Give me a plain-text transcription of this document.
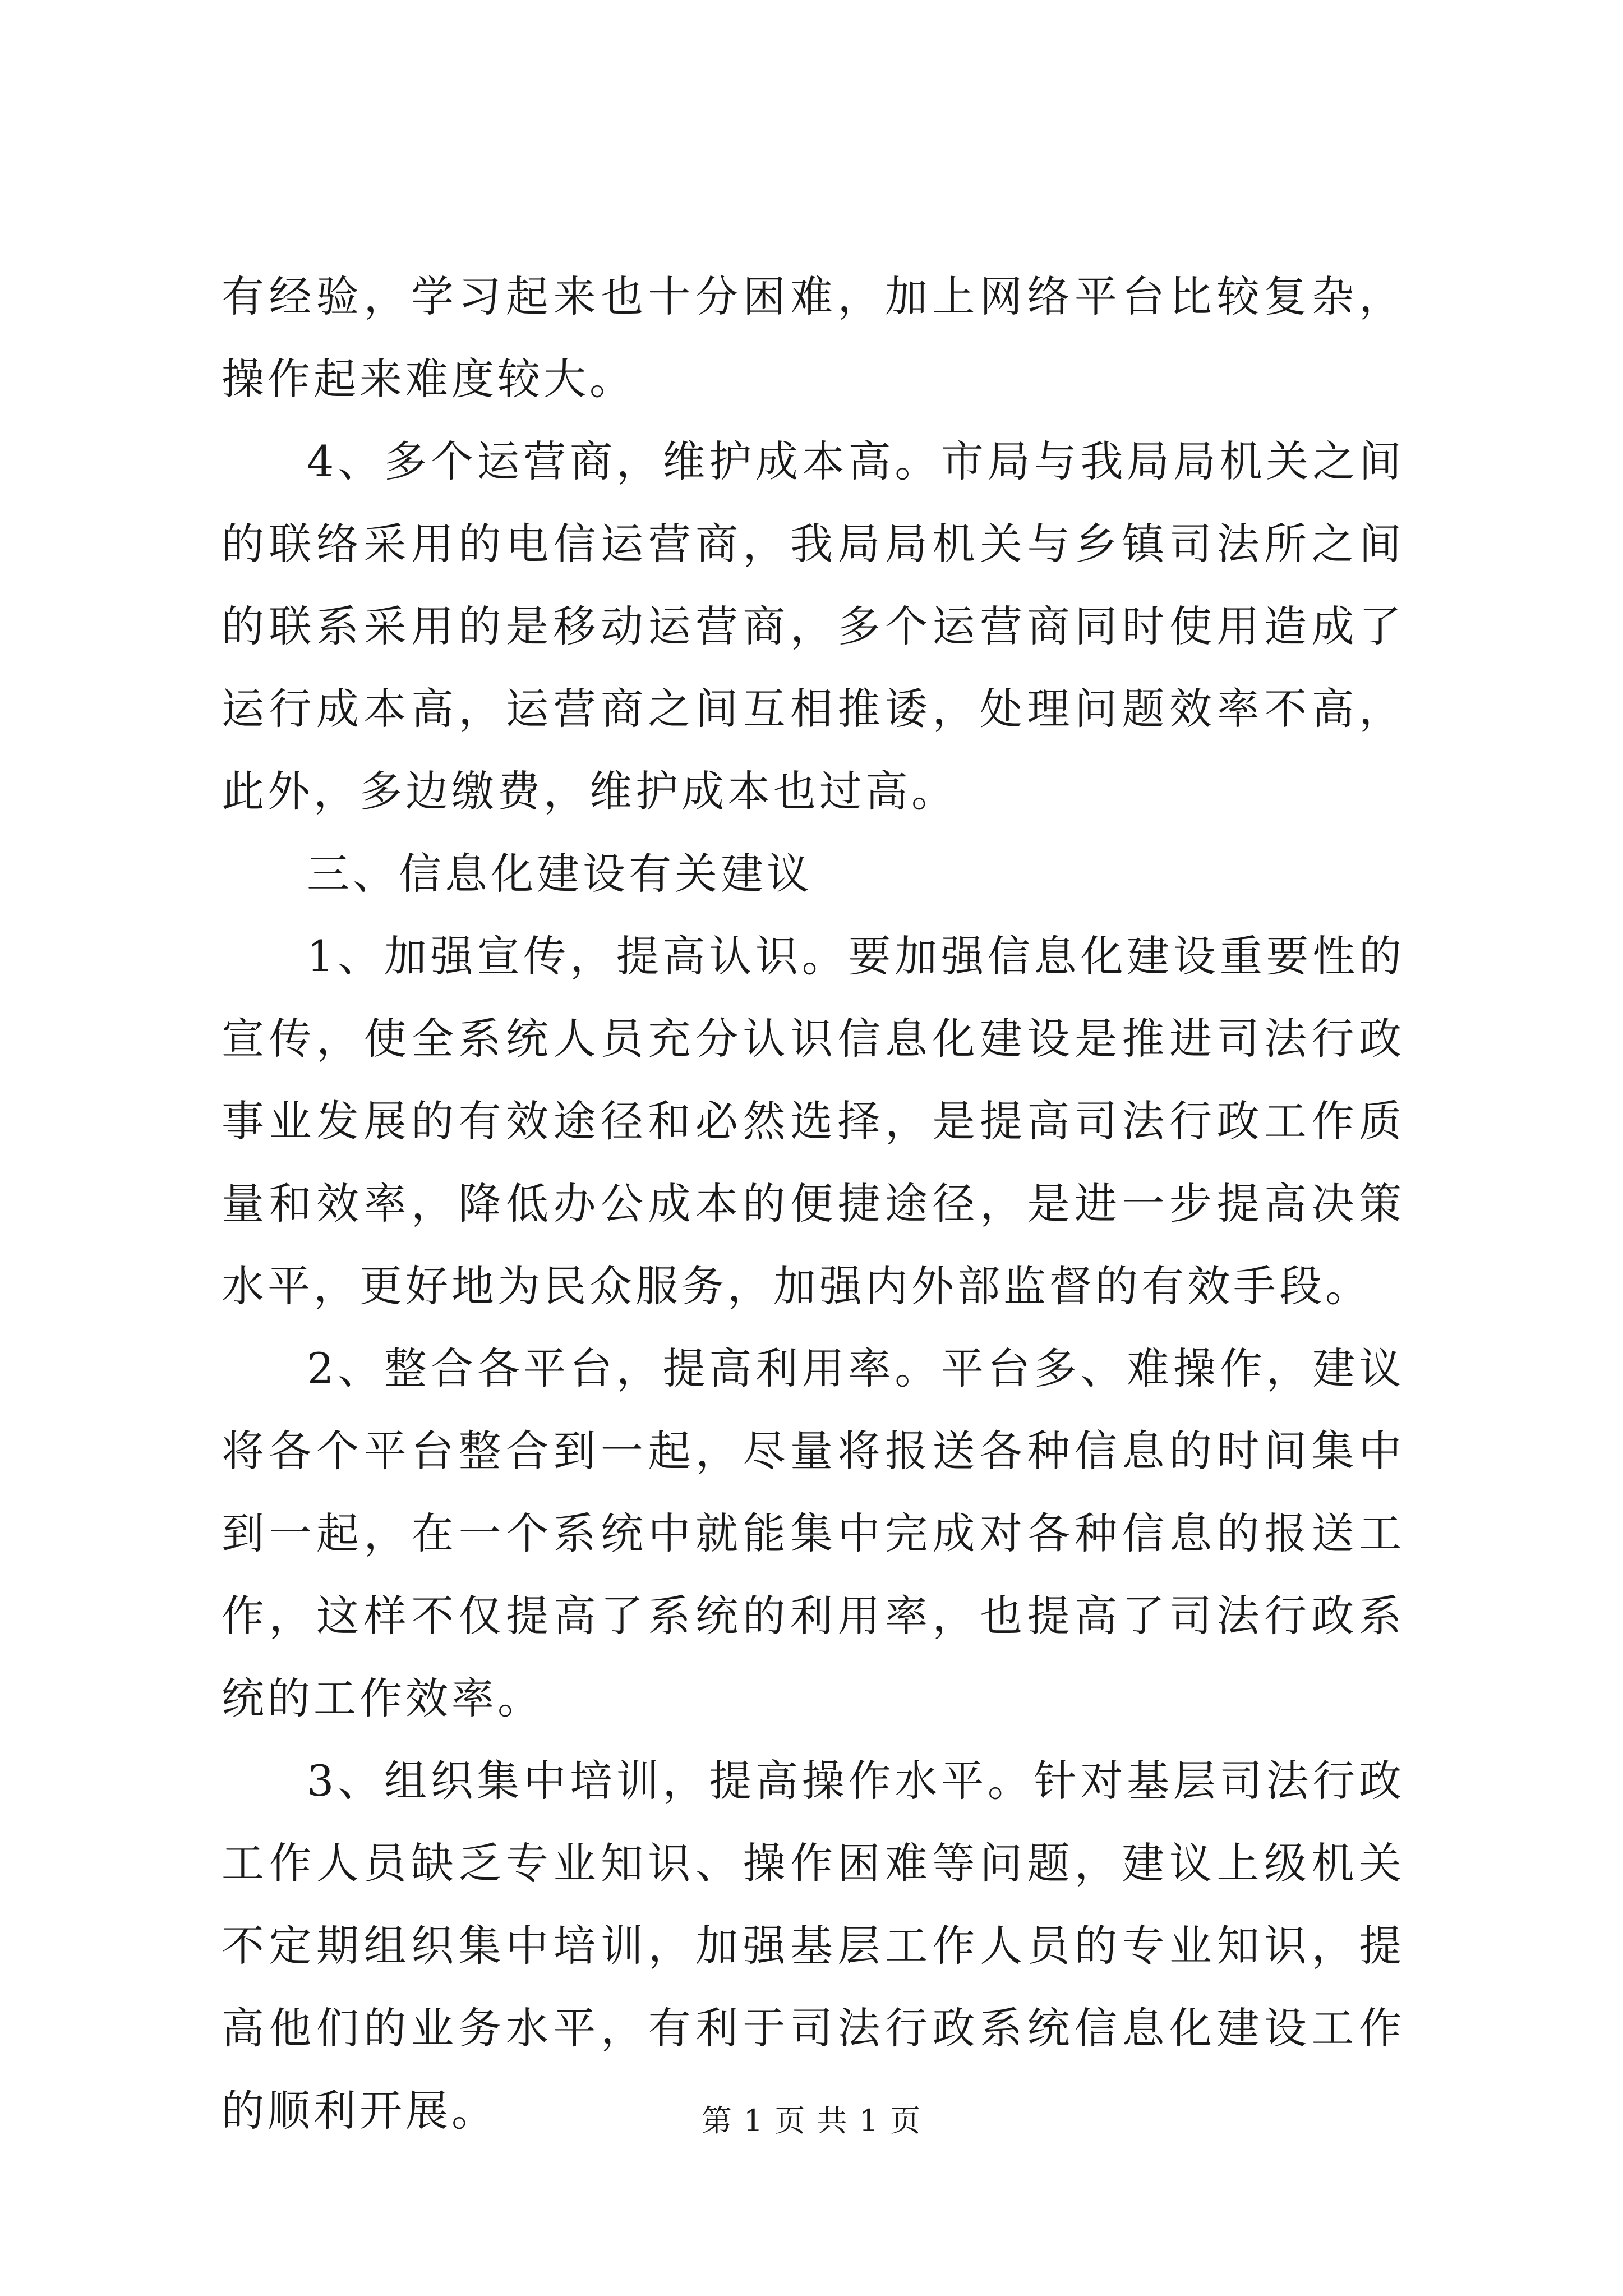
有经验，学习起来也十分困难，加上网络平台比较复杂，操作起来难度较大。

4、多个运营商，维护成本高。市局与我局局机关之间的联络采用的电信运营商，我局局机关与乡镇司法所之间的联系采用的是移动运营商，多个运营商同时使用造成了运行成本高，运营商之间互相推诿，处理问题效率不高，此外，多边缴费，维护成本也过高。

三、信息化建设有关建议

1、加强宣传，提高认识。要加强信息化建设重要性的宣传，使全系统人员充分认识信息化建设是推进司法行政事业发展的有效途径和必然选择，是提高司法行政工作质量和效率，降低办公成本的便捷途径，是进一步提高决策水平，更好地为民众服务，加强内外部监督的有效手段。

2、整合各平台，提高利用率。平台多、难操作，建议将各个平台整合到一起，尽量将报送各种信息的时间集中到一起，在一个系统中就能集中完成对各种信息的报送工作，这样不仅提高了系统的利用率，也提高了司法行政系统的工作效率。

3、组织集中培训，提高操作水平。针对基层司法行政工作人员缺乏专业知识、操作困难等问题，建议上级机关不定期组织集中培训，加强基层工作人员的专业知识，提高他们的业务水平，有利于司法行政系统信息化建设工作的顺利开展。	第 1 页 共 1 页
